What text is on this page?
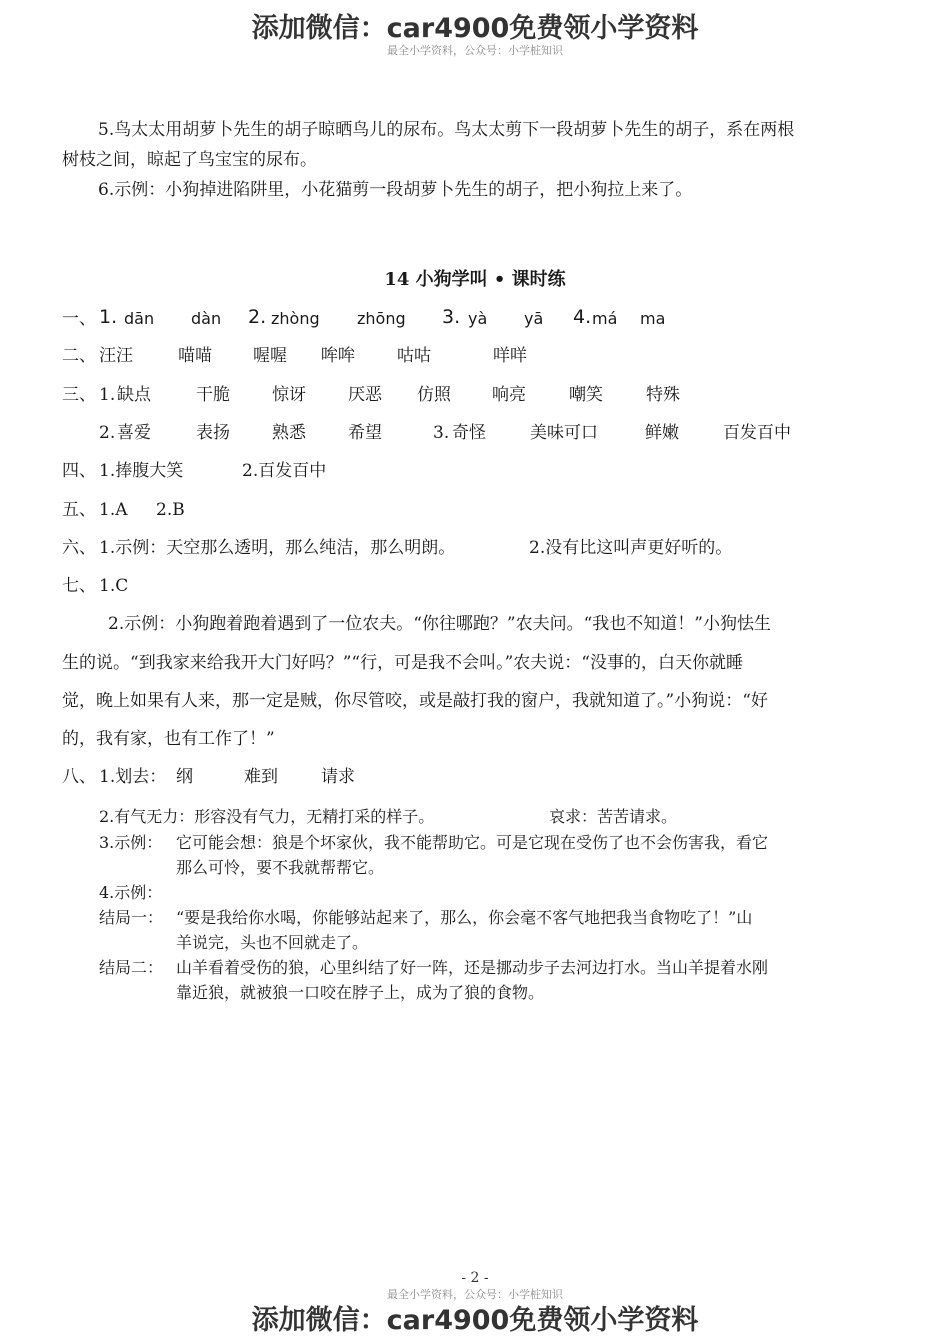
添加微信：car4900免费领小学资料
最全小学资料，公众号：小学桩知识
5.鸟太太用胡萝卜先生的胡子晾晒鸟儿的尿布。鸟太太剪下一段胡萝卜先生的胡子，系在两根
树枝之间，晾起了鸟宝宝的尿布。
6.示例：小狗掉进陷阱里，小花猫剪一段胡萝卜先生的胡子，把小狗拉上来了。
14 小狗学叫 • 课时练
一、 1. dān dàn 2. zhòng zhōng 3. yà yā 4. má ma
二、 汪汪	喵喵 喔喔 哞哞 咕咕	咩咩
三、 1. 缺点	干脆 惊讶 厌恶 仿照 响亮	嘲笑	特殊
2. 喜爱	表扬 熟悉 希望	3. 奇怪	美味可口	鲜嫩	百发百中
四、 1.捧腹大笑	2.百发百中
五、 1.A 2.B
六、 1.示例：天空那么透明，那么纯洁，那么明朗。	2.没有比这叫声更好听的。
七、 1.C
2.示例：小狗跑着跑着遇到了一位农夫。“你往哪跑？”农夫问。“我也不知道！”小狗怯生
生的说。“到我家来给我开大门好吗？”“行，可是我不会叫。”农夫说：“没事的，白天你就睡
觉，晚上如果有人来，那一定是贼，你尽管咬，或是敲打我的窗户，我就知道了。”小狗说：“好
的，我有家，也有工作了！”
八、 1.划去： 纲	难到	请求
2.有气无力：形容没有气力，无精打采的样子。	哀求：苦苦请求。
3.示例： 它可能会想：狼是个坏家伙，我不能帮助它。可是它现在受伤了也不会伤害我，看它
那么可怜，要不我就帮帮它。
4.示例：
结局一： “要是我给你水喝，你能够站起来了，那么，你会毫不客气地把我当食物吃了！”山
羊说完，头也不回就走了。
结局二： 山羊看着受伤的狼，心里纠结了好一阵，还是挪动步子去河边打水。当山羊提着水刚
靠近狼，就被狼一口咬在脖子上，成为了狼的食物。
- 2 -
最全小学资料，公众号：小学桩知识
添加微信：car4900免费领小学资料
